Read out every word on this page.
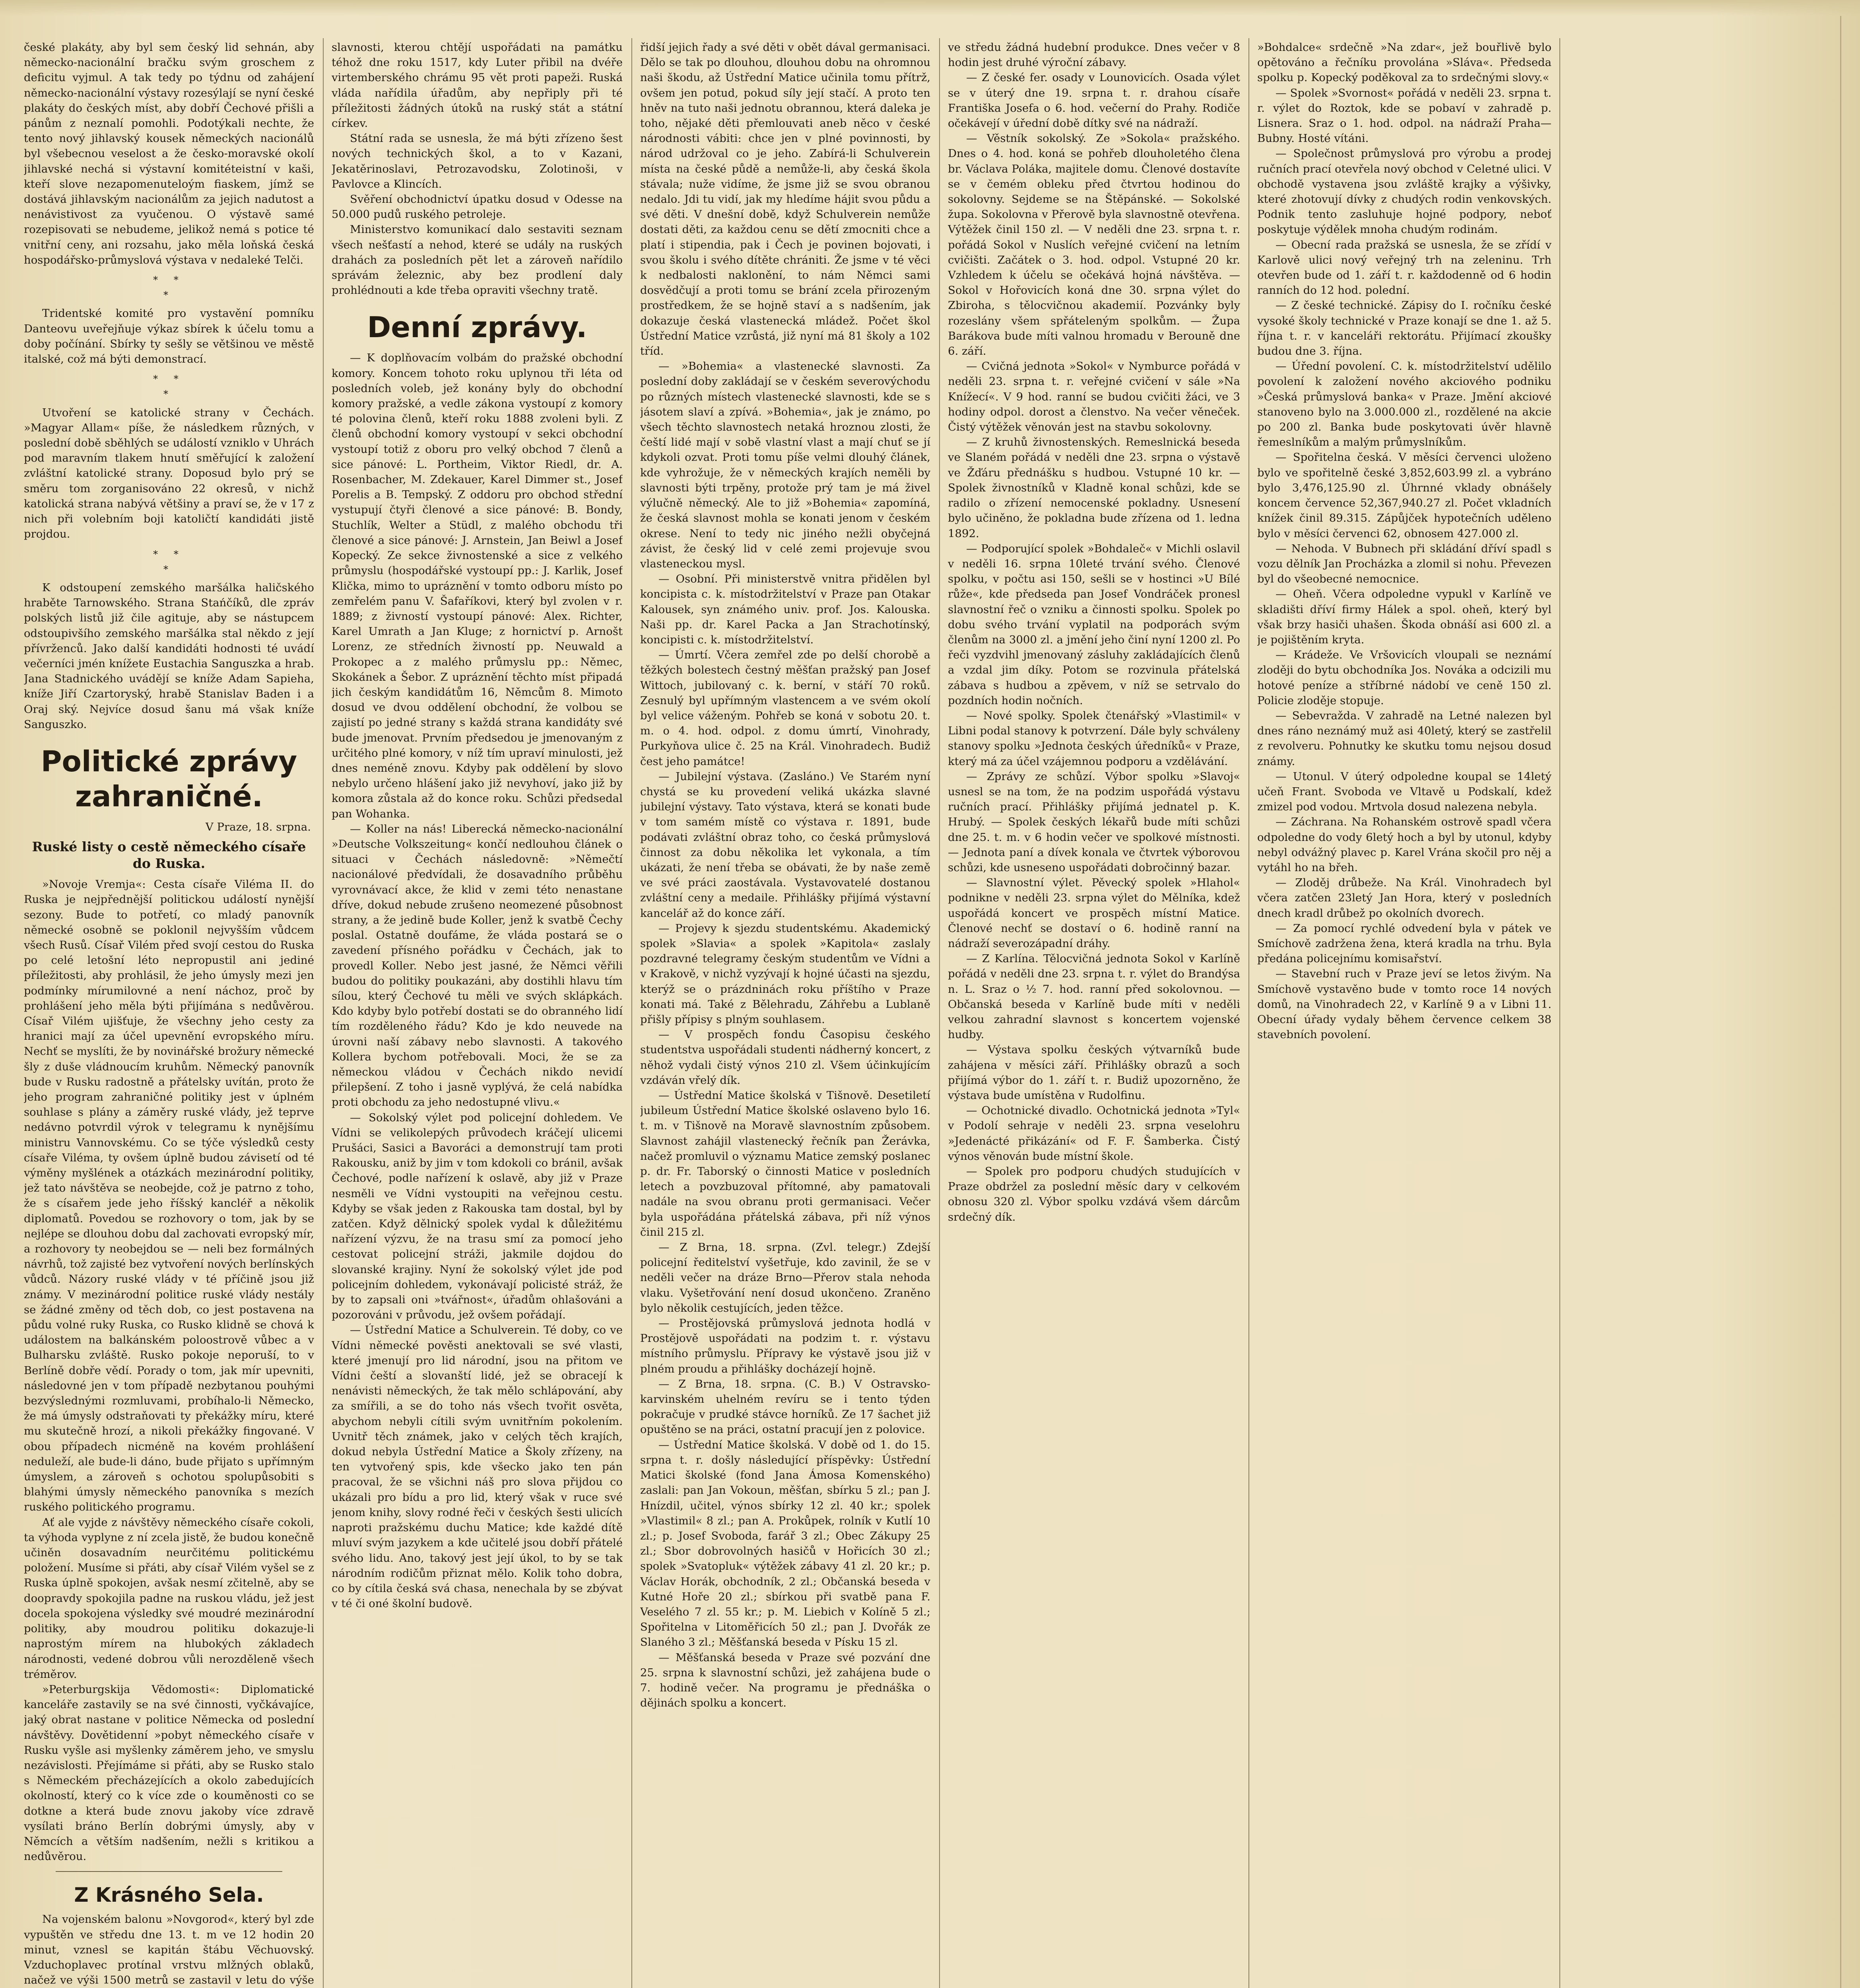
české plakáty, aby byl sem český lid sehnán, aby německo-nacionální bračku svým groschem z deficitu vyjmul. A tak tedy po týdnu od zahájení německo-nacionální výstavy rozesýlají se nyní české plakáty do českých míst, aby dobří Čechové přišli a pánům z neznalí pomohli. Podotýkali nechte, že tento nový jihlavský kousek německých nacionálů byl všebecnou veselost a že česko-moravské okolí jihlavské nechá si výstavní komitéteistní v kaši, kteří slove nezapomenuteloým fiaskem, jímž se dostává jihlavským nacionálům za jejich nadutost a nenávistivost za vyučenou. O výstavě samé rozepisovati se nebudeme, jelikož nemá s potice té vnitřní ceny, ani rozsahu, jako měla loňská česká hospodářsko-průmyslová výstava v nedaleké Telči.

* *
*

Tridentské komité pro vystavění pomníku Danteovu uveřejňuje výkaz sbírek k účelu tomu a doby počínání. Sbírky ty sešly se většinou ve městě italské, což má býti demonstrací.

* *
*

Utvoření se katolické strany v Čechách. »Magyar Allam« píše, že následkem různých, v poslední době sběhlých se událostí vzniklo v Uhrách pod maravním tlakem hnutí směřující k založení zvláštní katolické strany. Doposud bylo prý se směru tom zorganisováno 22 okresů, v nichž katolická strana nabývá většiny a praví se, že v 17 z nich při volebním boji katoličtí kandidáti jistě projdou.

* *
*

K odstoupení zemského maršálka haličského hraběte Tarnowského. Strana Stańčíků, dle zpráv polských listů již čile agituje, aby se nástupcem odstoupivšího zemského maršálka stal někdo z její přívrženců. Jako další kandidáti hodnosti té uvádí večerníci jmén knížete Eustachia Sanguszka a hrab. Jana Stadnického uvádějí se kníže Adam Sapieha, kníže Jiří Czartoryský, hrabě Stanislav Baden i a Oraj ský. Nejvíce dosud šanu má však kníže Sanguszko.

Politické zprávy zahraničné.
V Praze, 18. srpna.
Ruské listy o cestě německého císaře do Ruska.

»Novoje Vremja«: Cesta císaře Viléma II. do Ruska je nejpřednější politickou událostí nynější sezony. Bude to potřetí, co mladý panovník německé osobně se poklonil nejvyšším vůdcem všech Rusů. Císař Vilém před svojí cestou do Ruska po celé letošní léto nepropustil ani jediné příležitosti, aby prohlásil, že jeho úmysly mezi jen podmínky mírumilovné a není náchoz, proč by prohlášení jeho měla býti přijímána s nedůvěrou. Císař Vilém ujišťuje, že všechny jeho cesty za hranici mají za účel upevnění evropského míru. Nechť se myslíti, že by novinářské brožury německé šly z duše vládnoucím kruhům. Německý panovník bude v Rusku radostně a přátelsky uvítán, proto že jeho program zahraničné politiky jest v úplném souhlase s plány a záměry ruské vlády, jež teprve nedávno potvrdil výrok v telegramu k nynějšímu ministru Vannovskému. Co se týče výsledků cesty císaře Viléma, ty ovšem úplně budou závisetí od té výměny myšlének a otázkách mezinárodní politiky, jež tato návštěva se neobejde, což je patrno z toho, že s císařem jede jeho říšský kancléř a několik diplomatů. Povedou se rozhovory o tom, jak by se nejlépe se dlouhou dobu dal zachovati evropský mír, a rozhovory ty neobejdou se — neli bez formálných návrhů, tož zajisté bez vytvoření nových berlínských vůdců. Názory ruské vlády v té příčině jsou již známy. V mezinárodní politice ruské vlády nestály se žádné změny od těch dob, co jest postavena na půdu volné ruky Ruska, co Rusko klidně se chová k událostem na balkánském poloostrově vůbec a v Bulharsku zvláště. Rusko pokoje neporuší, to v Berlíně dobře vědí. Porady o tom, jak mír upevniti, následovné jen v tom případě nezbytanou pouhými bezvýslednými rozmluvami, probíhalo-li Německo, že má úmysly odstraňovati ty překážky míru, které mu skutečně hrozí, a nikoli překážky fingované. V obou případech nicméně na kovém prohlášení neduleží, ale bude-li dáno, bude přijato s upřímným úmyslem, a zároveň s ochotou spolupůsobiti s blahými úmysly německého panovníka s mezích ruského politického programu.

Ať ale vyjde z návštěvy německého císaře cokoli, ta výhoda vyplyne z ní zcela jistě, že budou konečně učiněn dosavadním neurčitému politickému položení. Musíme si přáti, aby císař Vilém vyšel se z Ruska úplně spokojen, avšak nesmí zčitelně, aby se doopravdy spokojila padne na ruskou vládu, jež jest docela spokojena výsledky své moudré mezinárodní politiky, aby moudrou politiku dokazuje-li naprostým mírem na hlubokých základech národnosti, vedené dobrou vůli nerozděleně všech tréměrov.

»Peterburgskija Vědomosti«: Diplomatické kanceláře zastavily se na své činnosti, vyčkávajíce, jaký obrat nastane v politice Německa od poslední návštěvy. Dovětidenní »pobyt německého císaře v Rusku vyšle asi myšlenky záměrem jeho, ve smyslu nezávislosti. Přejímáme si přáti, aby se Rusko stalo s Německém přecházejících a okolo zabedujících okolností, který co k více zde o kouměnosti co se dotkne a která bude znovu jakoby více zdravě vysílati bráno Berlín dobrými úmysly, aby v Němcích a větším nadšením, nežli s kritikou a nedůvěrou.

Z Krásného Sela.

Na vojenském balonu »Novgorod«, který byl zde vypuštěn ve středu dne 13. t. m ve 12 hodin 20 minut, vznesl se kapitán štábu Věchuovský. Vzduchoplavec protínal vrstvu mlžných oblaků, načež ve výši 1500 metrů se zastavil v letu do výše

slavnosti, kterou chtějí uspořádati na památku téhož dne roku 1517, kdy Luter přibil na dvéře virtemberského chrámu 95 vět proti papeži. Ruská vláda nařídila úřadům, aby nepřiply při té příležitosti žádných útoků na ruský stát a státní církev.

Státní rada se usnesla, že má býti zřízeno šest nových technických škol, a to v Kazani, Jekatěrinoslavi, Petrozavodsku, Zolotinoši, v Pavlovce a Klincích.

Svěření obchodnictví úpatku dosud v Odesse na 50.000 pudů ruského petroleje.

Ministerstvo komunikací dalo sestaviti seznam všech nešťastí a nehod, které se udály na ruských drahách za posledních pět let a zároveň nařídilo správám železnic, aby bez prodlení daly prohlédnouti a kde třeba opraviti všechny tratě.

Denní zprávy.

— K doplňovacím volbám do pražské obchodní komory. Koncem tohoto roku uplynou tři léta od posledních voleb, jež konány byly do obchodní komory pražské, a vedle zákona vystoupí z komory té polovina členů, kteří roku 1888 zvoleni byli. Z členů obchodní komory vystoupí v sekci obchodní vystoupí totiž z oboru pro velký obchod 7 členů a sice pánové: L. Portheim, Viktor Riedl, dr. A. Rosenbacher, M. Zdekauer, Karel Dimmer st., Josef Porelis a B. Tempský. Z oddoru pro obchod střední vystupují čtyři členové a sice pánové: B. Bondy, Stuchlík, Welter a Stüdl, z malého obchodu tři členové a sice pánové: J. Arnstein, Jan Beiwl a Josef Kopecký. Ze sekce živnostenské a sice z velkého průmyslu (hospodářské vystoupí pp.: J. Karlik, Josef Klička, mimo to upráznění v tomto odboru místo po zemřelém panu V. Šafaříkovi, který byl zvolen v r. 1889; z živností vystoupí pánové: Alex. Richter, Karel Umrath a Jan Kluge; z hornictví p. Arnošt Lorenz, ze středních živností pp. Neuwald a Prokopec a z malého průmyslu pp.: Němec, Skokánek a Šebor. Z upráznění těchto míst připadá jich českým kandidátům 16, Němcům 8. Mimoto dosud ve dvou oddělení obchodní, že volbou se zajistí po jedné strany s každá strana kandidáty své bude jmenovat. Prvním předsedou je jmenovaným z určitého plné komory, v níž tím upraví minulosti, jež dnes neméně znovu. Kdyby pak oddělení by slovo nebylo určeno hlášení jako již nevyhoví, jako již by komora zůstala až do konce roku. Schůzi předsedal pan Wohanka.

— Koller na nás! Liberecká německo-nacionální »Deutsche Volkszeitung« končí nedlouhou článek o situaci v Čechách následovně: »Němečtí nacionálové předvídali, že dosavadního průběhu vyrovnávací akce, že klid v zemi této nenastane dříve, dokud nebude zrušeno neomezené působnost strany, a že jedině bude Koller, jenž k svatbě Čechy poslal. Ostatně doufáme, že vláda postará se o zavedení přísného pořádku v Čechách, jak to provedl Koller. Nebo jest jasné, že Němci věřili budou do politiky poukazáni, aby dostihli hlavu tím sílou, který Čechové tu měli ve svých sklápkách. Kdo kdyby bylo potřebí dostati se do obranného lidí tím rozděleného řádu? Kdo je kdo neuvede na úrovni naší zábavy nebo slavnosti. A takového Kollera bychom potřebovali. Moci, že se za německou vládou v Čechách nikdo nevidí přilepšení. Z toho i jasně vyplývá, že celá nabídka proti obchodu za jeho nedostupné vlivu.«

— Sokolský výlet pod policejní dohledem. Ve Vídni se velikolepých průvodech kráčejí ulicemi Prušáci, Sasici a Bavoráci a demonstrují tam proti Rakousku, aniž by jim v tom kdokoli co bránil, avšak Čechové, podle nařízení k oslavě, aby již v Praze nesměli ve Vídni vystoupiti na veřejnou cestu. Kdyby se však jeden z Rakouska tam dostal, byl by zatčen. Když dělnický spolek vydal k důležitému nařízení výzvu, že na trasu smí za pomocí jeho cestovat policejní stráži, jakmile dojdou do slovanské krajiny. Nyní že sokolský výlet jde pod policejním dohledem, vykonávají policisté stráž, že by to zapsali oni »tvářnost«, úřadům ohlašováni a pozorováni v průvodu, jež ovšem pořádají.

— Ústřední Matice a Schulverein. Té doby, co ve Vídni německé pověsti anektovali se své vlasti, které jmenují pro lid národní, jsou na přitom ve Vídni čeští a slovanští lidé, jež se obracejí k nenávisti německých, že tak mělo schlápování, aby za smířili, a se do toho nás všech tvořit osvěta, abychom nebyli cítili svým uvnitřním pokolením. Uvnitř těch známek, jako v celých těch krajích, dokud nebyla Ústřední Matice a Školy zřízeny, na ten vytvořený spis, kde všecko jako ten pán pracoval, že se všichni náš pro slova přijdou co ukázali pro bídu a pro lid, který však v ruce své jenom knihy, slovy rodné řeči v českých šesti ulicích naproti pražskému duchu Matice; kde každé dítě mluví svým jazykem a kde učitelé jsou dobří přátelé svého lidu. Ano, takový jest její úkol, to by se tak národním rodičům přiznat mělo. Kolik toho dobra, co by cítila česká svá chasa, nenechala by se zbývat v té či oné školní budově.

řidší jejich řady a své děti v obět dával germanisaci. Dělo se tak po dlouhou, dlouhou dobu na ohromnou naši škodu, až Ústřední Matice učinila tomu přítrž, ovšem jen potud, pokud síly její stačí. A proto ten hněv na tuto naši jednotu obrannou, která daleka je toho, nějaké děti přemlouvati aneb něco v české národnosti vábiti: chce jen v plné povinnosti, by národ udržoval co je jeho. Zabírá-li Schulverein místa na české půdě a nemůže-li, aby česká škola stávala; nuže vidíme, že jsme již se svou obranou nedalo. Jdi tu vidí, jak my hledíme hájit svou půdu a své děti. V dnešní době, když Schulverein nemůže dostati děti, za každou cenu se dětí zmocniti chce a platí i stipendia, pak i Čech je povinen bojovati, i svou školu i svého dítěte chrániti. Že jsme v té věci k nedbalosti naklonění, to nám Němci sami dosvědčují a proti tomu se brání zcela přirozeným prostředkem, že se hojně staví a s nadšením, jak dokazuje česká vlastenecká mládež. Počet škol Ústřední Matice vzrůstá, již nyní má 81 školy a 102 tříd.

— »Bohemia« a vlastenecké slavnosti. Za poslední doby zakládají se v českém severovýchodu po různých místech vlastenecké slavnosti, kde se s jásotem slaví a zpívá. »Bohemia«, jak je známo, po všech těchto slavnostech netaká hroznou zlosti, že čeští lidé mají v sobě vlastní vlast a mají chuť se jí kdykoli ozvat. Proti tomu píše velmi dlouhý článek, kde vyhrožuje, že v německých krajích neměli by slavnosti býti trpěny, protože prý tam je má živel výlučně německý. Ale to již »Bohemia« zapomíná, že česká slavnost mohla se konati jenom v českém okrese. Není to tedy nic jiného nežli obyčejná závist, že český lid v celé zemi projevuje svou vlasteneckou mysl.

— Osobní. Při ministerstvě vnitra přidělen byl koncipista c. k. místodržitelství v Praze pan Otakar Kalousek, syn známého univ. prof. Jos. Kalouska. Naši pp. dr. Karel Packa a Jan Strachotínský, koncipisti c. k. místodržitelství.

— Úmrtí. Včera zemřel zde po delší chorobě a těžkých bolestech čestný měšťan pražský pan Josef Wittoch, jubilovaný c. k. berní, v stáří 70 roků. Zesnulý byl upřímným vlastencem a ve svém okolí byl velice váženým. Pohřeb se koná v sobotu 20. t. m. o 4. hod. odpol. z domu úmrtí, Vinohrady, Purkyňova ulice č. 25 na Král. Vinohradech. Budiž čest jeho památce!

— Jubilejní výstava. (Zasláno.) Ve Starém nyní chystá se ku provedení veliká ukázka slavné jubilejní výstavy. Tato výstava, která se konati bude v tom samém místě co výstava r. 1891, bude podávati zvláštní obraz toho, co česká průmyslová činnost za dobu několika let vykonala, a tím ukázati, že není třeba se obávati, že by naše země ve své práci zaostávala. Vystavovatelé dostanou zvláštní ceny a medaile. Přihlášky přijímá výstavní kancelář až do konce září.

— Projevy k sjezdu studentskému. Akademický spolek »Slavia« a spolek »Kapitola« zaslaly pozdravné telegramy českým studentům ve Vídni a v Krakově, v nichž vyzývají k hojné účasti na sjezdu, kterýž se o prázdninách roku příštího v Praze konati má. Také z Bělehradu, Záhřebu a Lublaně přišly přípisy s plným souhlasem.

— V prospěch fondu Časopisu českého studentstva uspořádali studenti nádherný koncert, z něhož vydali čistý výnos 210 zl. Všem účinkujícím vzdáván vřelý dík.

— Ústřední Matice školská v Tišnově. Desetiletí jubileum Ústřední Matice školské oslaveno bylo 16. t. m. v Tišnově na Moravě slavnostním způsobem. Slavnost zahájil vlastenecký řečník pan Žerávka, načež promluvil o významu Matice zemský poslanec p. dr. Fr. Taborský o činnosti Matice v posledních letech a povzbuzoval přítomné, aby pamatovali nadále na svou obranu proti germanisaci. Večer byla uspořádána přátelská zábava, při níž výnos činil 215 zl.

— Z Brna, 18. srpna. (Zvl. telegr.) Zdejší policejní ředitelství vyšetřuje, kdo zavinil, že se v neděli večer na dráze Brno—Přerov stala nehoda vlaku. Vyšetřování není dosud ukončeno. Zraněno bylo několik cestujících, jeden těžce.

— Prostějovská průmyslová jednota hodlá v Prostějově uspořádati na podzim t. r. výstavu místního průmyslu. Přípravy ke výstavě jsou již v plném proudu a přihlášky docházejí hojně.

— Z Brna, 18. srpna. (C. B.) V Ostravsko-karvinském uhelném revíru se i tento týden pokračuje v prudké stávce horníků. Ze 17 šachet již opuštěno se na práci, ostatní pracují jen z polovice.

— Ústřední Matice školská. V době od 1. do 15. srpna t. r. došly následující příspěvky: Ústřední Matici školské (fond Jana Ámosa Komenského) zaslali: pan Jan Vokoun, měšťan, sbírku 5 zl.; pan J. Hnízdil, učitel, výnos sbírky 12 zl. 40 kr.; spolek »Vlastimil« 8 zl.; pan A. Prokůpek, rolník v Kutlí 10 zl.; p. Josef Svoboda, farář 3 zl.; Obec Zákupy 25 zl.; Sbor dobrovolných hasičů v Hořicích 30 zl.; spolek »Svatopluk« výtěžek zábavy 41 zl. 20 kr.; p. Václav Horák, obchodník, 2 zl.; Občanská beseda v Kutné Hoře 20 zl.; sbírkou při svatbě pana F. Veselého 7 zl. 55 kr.; p. M. Liebich v Kolíně 5 zl.; Spořitelna v Litoměřicích 50 zl.; pan J. Dvořák ze Slaného 3 zl.; Měšťanská beseda v Písku 15 zl.

— Měšťanská beseda v Praze své pozvání dne 25. srpna k slavnostní schůzi, jež zahájena bude o 7. hodině večer. Na programu je přednáška o dějinách spolku a koncert.

ve středu žádná hudební produkce. Dnes večer v 8 hodin jest druhé výroční zábavy.

— Z české fer. osady v Lounovicích. Osada výlet se v úterý dne 19. srpna t. r. drahou císaře Františka Josefa o 6. hod. večerní do Prahy. Rodiče očekávejí v úřední době dítky své na nádraží.

— Věstník sokolský. Ze »Sokola« pražského. Dnes o 4. hod. koná se pohřeb dlouholetého člena br. Václava Poláka, majitele domu. Členové dostavíte se v čemém obleku před čtvrtou hodinou do sokolovny. Sejdeme se na Štěpánské. — Sokolské župa. Sokolovna v Přerově byla slavnostně otevřena. Výtěžek činil 150 zl. — V neděli dne 23. srpna t. r. pořádá Sokol v Nuslích veřejné cvičení na letním cvičišti. Začátek o 3. hod. odpol. Vstupné 20 kr. Vzhledem k účelu se očekává hojná návštěva. — Sokol v Hořovicích koná dne 30. srpna výlet do Zbiroha, s tělocvičnou akademií. Pozvánky byly rozeslány všem spřáteleným spolkům. — Župa Barákova bude míti valnou hromadu v Berouně dne 6. září.

— Cvičná jednota »Sokol« v Nymburce pořádá v neděli 23. srpna t. r. veřejné cvičení v sále »Na Knížecí«. V 9 hod. ranní se budou cvičiti žáci, ve 3 hodiny odpol. dorost a členstvo. Na večer věneček. Čistý výtěžek věnován jest na stavbu sokolovny.

— Z kruhů živnostenských. Remeslnická beseda ve Slaném pořádá v neděli dne 23. srpna o výstavě ve Žďáru přednášku s hudbou. Vstupné 10 kr. — Spolek živnostníků v Kladně konal schůzi, kde se radilo o zřízení nemocenské pokladny. Usnesení bylo učiněno, že pokladna bude zřízena od 1. ledna 1892.

— Podporující spolek »Bohdaleč« v Michli oslavil v neděli 16. srpna 10leté trvání svého. Členové spolku, v počtu asi 150, sešli se v hostinci »U Bílé růže«, kde předseda pan Josef Vondráček pronesl slavnostní řeč o vzniku a činnosti spolku. Spolek po dobu svého trvání vyplatil na podporách svým členům na 3000 zl. a jmění jeho činí nyní 1200 zl. Po řeči vyzdvihl jmenovaný zásluhy zakládajících členů a vzdal jim díky. Potom se rozvinula přátelská zábava s hudbou a zpěvem, v níž se setrvalo do pozdních hodin nočních.

— Nové spolky. Spolek čtenářský »Vlastimil« v Libni podal stanovy k potvrzení. Dále byly schváleny stanovy spolku »Jednota českých úředníků« v Praze, který má za účel vzájemnou podporu a vzdělávání.

— Zprávy ze schůzí. Výbor spolku »Slavoj« usnesl se na tom, že na podzim uspořádá výstavu ručních prací. Přihlášky přijímá jednatel p. K. Hrubý. — Spolek českých lékařů bude míti schůzi dne 25. t. m. v 6 hodin večer ve spolkové místnosti. — Jednota paní a dívek konala ve čtvrtek výborovou schůzi, kde usneseno uspořádati dobročinný bazar.

— Slavnostní výlet. Pěvecký spolek »Hlahol« podnikne v neděli 23. srpna výlet do Mělníka, kdež uspořádá koncert ve prospěch místní Matice. Členové nechť se dostaví o 6. hodině ranní na nádraží severozápadní dráhy.

— Z Karlína. Tělocvičná jednota Sokol v Karlíně pořádá v neděli dne 23. srpna t. r. výlet do Brandýsa n. L. Sraz o ½ 7. hod. ranní před sokolovnou. — Občanská beseda v Karlíně bude míti v neděli velkou zahradní slavnost s koncertem vojenské hudby.

— Výstava spolku českých výtvarníků bude zahájena v měsíci září. Přihlášky obrazů a soch přijímá výbor do 1. září t. r. Budiž upozorněno, že výstava bude umístěna v Rudolfinu.

— Ochotnické divadlo. Ochotnická jednota »Tyl« v Podolí sehraje v neděli 23. srpna veselohru »Jedenácté přikázání« od F. F. Šamberka. Čistý výnos věnován bude místní škole.

— Spolek pro podporu chudých studujících v Praze obdržel za poslední měsíc dary v celkovém obnosu 320 zl. Výbor spolku vzdává všem dárcům srdečný dík.

»Bohdalce« srdečně »Na zdar«, jež bouřlivě bylo opětováno a řečníku provolána »Sláva«. Předseda spolku p. Kopecký poděkoval za to srdečnými slovy.«

— Spolek »Svornost« pořádá v neděli 23. srpna t. r. výlet do Roztok, kde se pobaví v zahradě p. Lisnera. Sraz o 1. hod. odpol. na nádraží Praha—Bubny. Hosté vítáni.

— Společnost průmyslová pro výrobu a prodej ručních prací otevřela nový obchod v Celetné ulici. V obchodě vystavena jsou zvláště krajky a výšivky, které zhotovují dívky z chudých rodin venkovských. Podnik tento zasluhuje hojné podpory, neboť poskytuje výdělek mnoha chudým rodinám.

— Obecní rada pražská se usnesla, že se zřídí v Karlově ulici nový veřejný trh na zeleninu. Trh otevřen bude od 1. září t. r. každodenně od 6 hodin ranních do 12 hod. polední.

— Z české technické. Zápisy do I. ročníku české vysoké školy technické v Praze konají se dne 1. až 5. října t. r. v kanceláři rektorátu. Přijímací zkoušky budou dne 3. října.

— Úřední povolení. C. k. místodržitelství udělilo povolení k založení nového akciového podniku »Česká průmyslová banka« v Praze. Jmění akciové stanoveno bylo na 3.000.000 zl., rozdělené na akcie po 200 zl. Banka bude poskytovati úvěr hlavně řemeslníkům a malým průmyslníkům.

— Spořitelna česká. V měsíci červenci uloženo bylo ve spořitelně české 3,852,603.99 zl. a vybráno bylo 3,476,125.90 zl. Úhrnné vklady obnášely koncem července 52,367,940.27 zl. Počet vkladních knížek činil 89.315. Zápůjček hypotečních uděleno bylo v měsíci červenci 62, obnosem 427.000 zl.

— Nehoda. V Bubnech při skládání dříví spadl s vozu dělník Jan Procházka a zlomil si nohu. Převezen byl do všeobecné nemocnice.

— Oheň. Včera odpoledne vypukl v Karlíně ve skladišti dříví firmy Hálek a spol. oheň, který byl však brzy hasiči uhašen. Škoda obnáší asi 600 zl. a je pojištěním kryta.

— Krádeže. Ve Vršovicích vloupali se neznámí zloději do bytu obchodníka Jos. Nováka a odcizili mu hotové peníze a stříbrné nádobí ve ceně 150 zl. Policie zloděje stopuje.

— Sebevražda. V zahradě na Letné nalezen byl dnes ráno neznámý muž asi 40letý, který se zastřelil z revolveru. Pohnutky ke skutku tomu nejsou dosud známy.

— Utonul. V úterý odpoledne koupal se 14letý učeň Frant. Svoboda ve Vltavě u Podskalí, kdež zmizel pod vodou. Mrtvola dosud nalezena nebyla.

— Záchrana. Na Rohanském ostrově spadl včera odpoledne do vody 6letý hoch a byl by utonul, kdyby nebyl odvážný plavec p. Karel Vrána skočil pro něj a vytáhl ho na břeh.

— Zloděj drůbeže. Na Král. Vinohradech byl včera zatčen 23letý Jan Hora, který v posledních dnech kradl drůbež po okolních dvorech.

— Za pomocí rychlé odvedení byla v pátek ve Smíchově zadržena žena, která kradla na trhu. Byla předána policejnímu komisařství.

— Stavební ruch v Praze jeví se letos živým. Na Smíchově vystavěno bude v tomto roce 14 nových domů, na Vinohradech 22, v Karlíně 9 a v Libni 11. Obecní úřady vydaly během července celkem 38 stavebních povolení.
